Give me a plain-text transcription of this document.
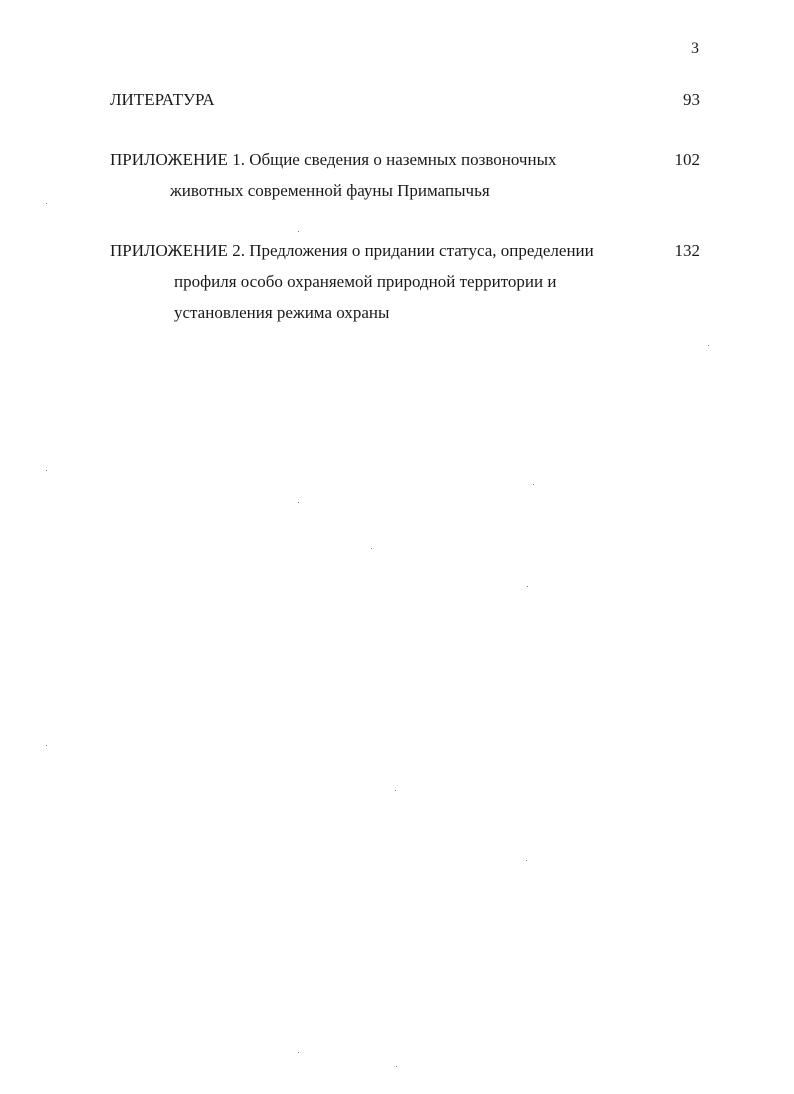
3
ЛИТЕРАТУРА	93
ПРИЛОЖЕНИЕ 1. Общие сведения о наземных позвоночных
животных современной фауны Примапычья
102
ПРИЛОЖЕНИЕ 2. Предложения о придании статуса, определении
профиля особо охраняемой природной территории и
установления режима охраны
132
